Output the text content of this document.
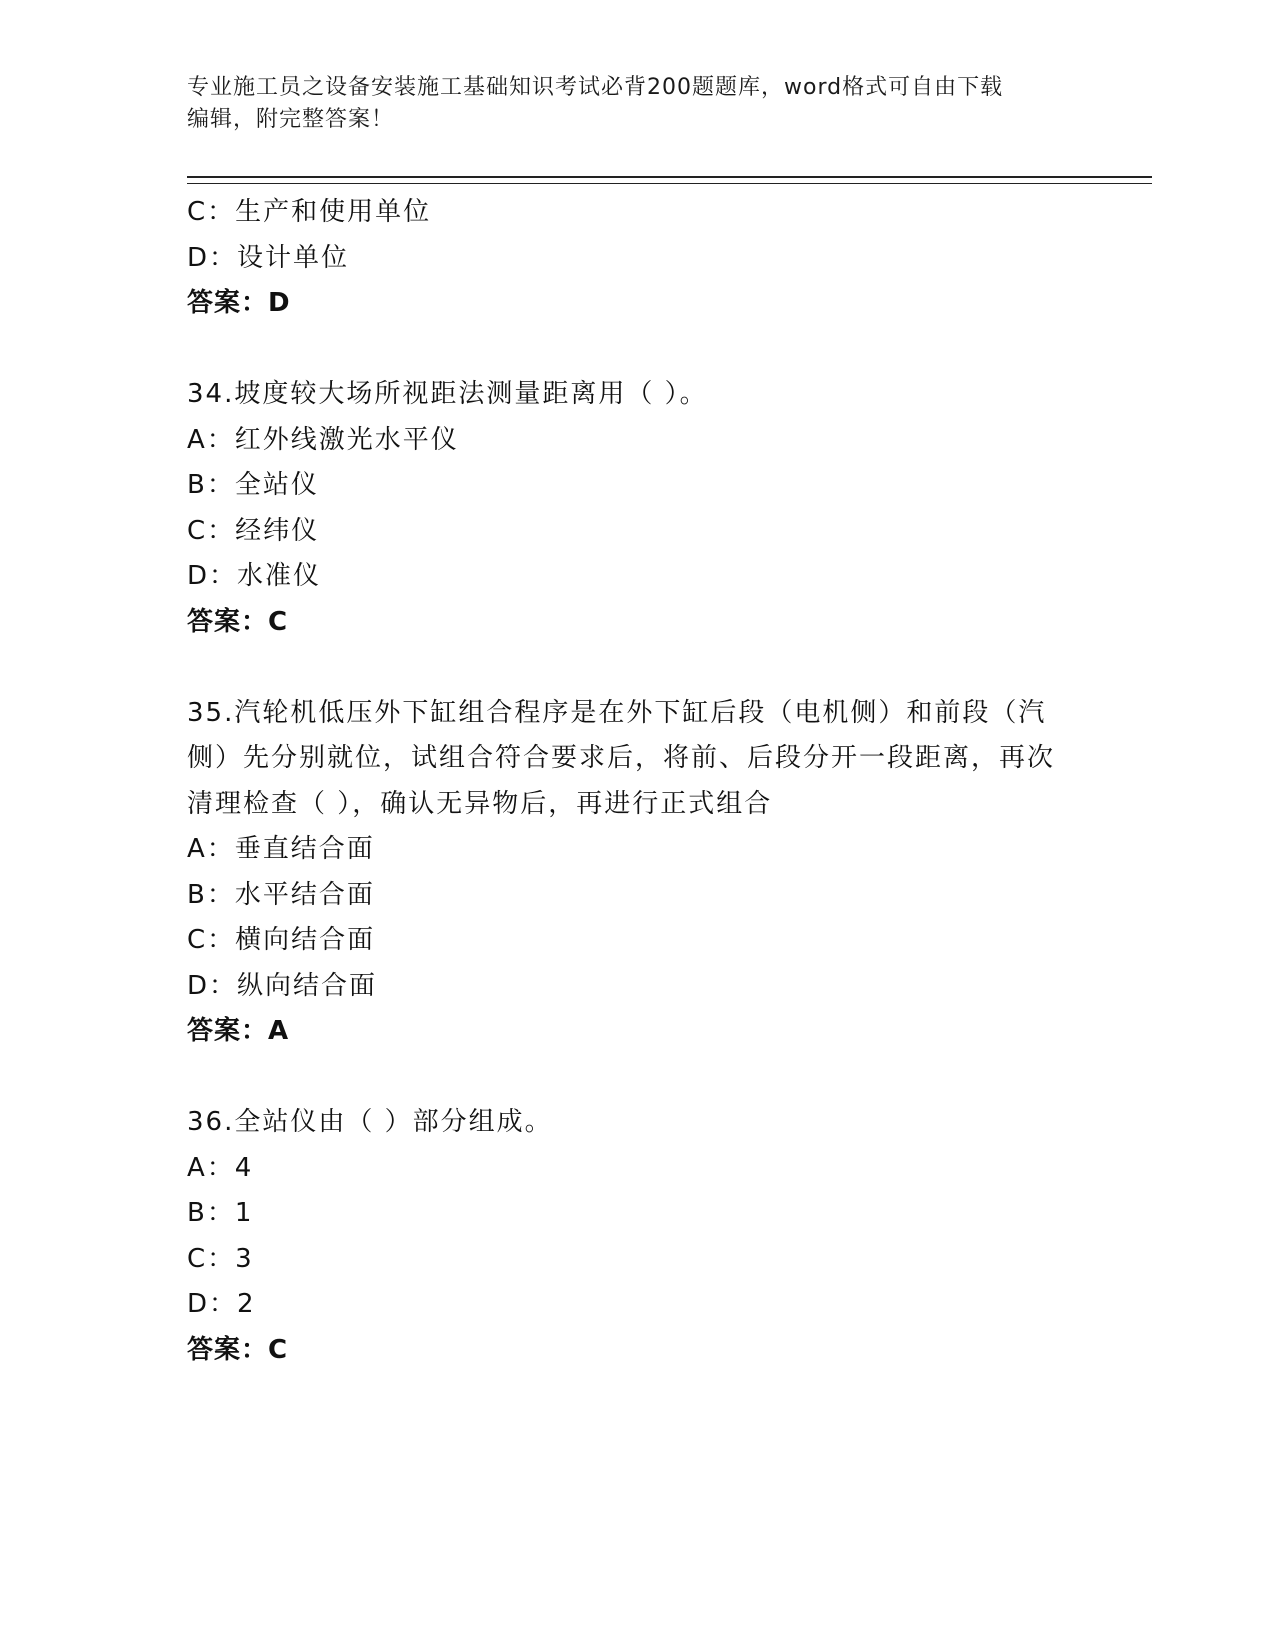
专业施工员之设备安装施工基础知识考试必背200题题库，word格式可自由下载
编辑，附完整答案！
C：生产和使用单位
D：设计单位
答案：D
34.坡度较大场所视距法测量距离用（ ）。
A：红外线激光水平仪
B：全站仪
C：经纬仪
D：水准仪
答案：C
35.汽轮机低压外下缸组合程序是在外下缸后段（电机侧）和前段（汽侧）先分别就位，试组合符合要求后，将前、后段分开一段距离，再次清理检查（ ），确认无异物后，再进行正式组合
A：垂直结合面
B：水平结合面
C：横向结合面
D：纵向结合面
答案：A
36.全站仪由（ ）部分组成。
A：4
B：1
C：3
D：2
答案：C
